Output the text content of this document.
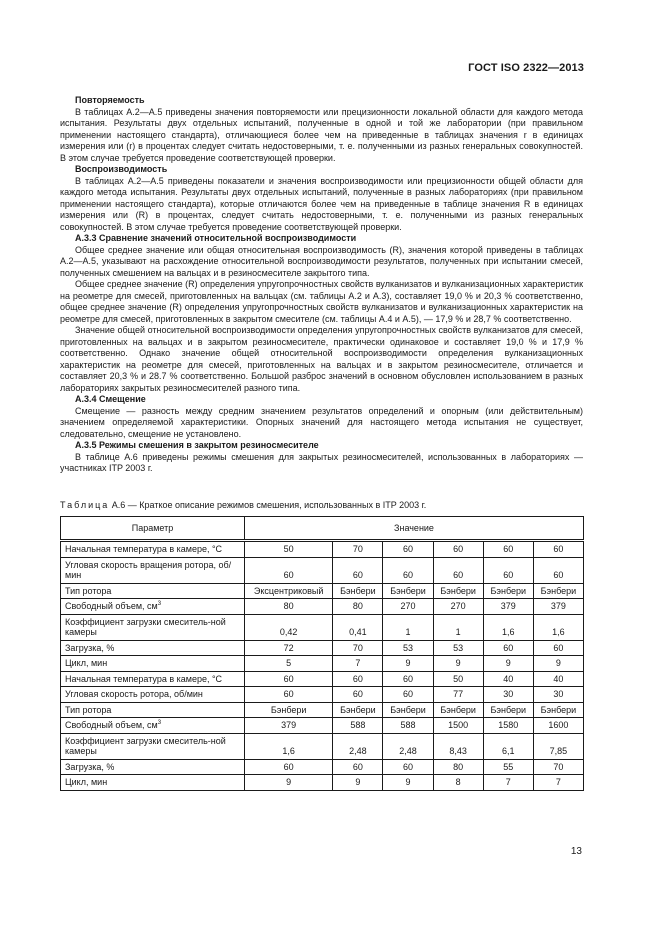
ГОСТ ISO 2322—2013
Повторяемость

В таблицах А.2—А.5 приведены значения повторяемости или прецизионности локальной области для каждого метода испытания. Результаты двух отдельных испытаний, полученные в одной и той же лаборатории (при правильном применении настоящего стандарта), отличающиеся более чем на приведенные в таблицах значения r в единицах измерения или (r) в процентах следует считать недостоверными, т. е. полученными из разных генеральных совокупностей. В этом случае требуется проведение соответствующей проверки.

Воспроизводимость

В таблицах А.2—А.5 приведены показатели и значения воспроизводимости или прецизионности общей области для каждого метода испытания. Результаты двух отдельных испытаний, полученные в разных лабораториях (при правильном применении настоящего стандарта), которые отличаются более чем на приведенные в таблице значения R в единицах измерения или (R) в процентах, следует считать недостоверными, т. е. полученными из разных генеральных совокупностей. В этом случае требуется проведение соответствующей проверки.

А.3.3 Сравнение значений относительной воспроизводимости

Общее среднее значение или общая относительная воспроизводимость (R), значения которой приведены в таблицах А.2—А.5, указывают на расхождение относительной воспроизводимости результатов, полученных при испытании смесей, полученных смешением на вальцах и в резиносмесителе закрытого типа.

Общее среднее значение (R) определения упругопрочностных свойств вулканизатов и вулканизационных характеристик на реометре для смесей, приготовленных на вальцах (см. таблицы А.2 и А.3), составляет 19,0 % и 20,3 % соответственно, общее среднее значение (R) определения упругопрочностных свойств вулканизатов и вулканизационных характеристик на реометре для смесей, приготовленных в закрытом смесителе (см. таблицы А.4 и А.5), — 17,9 % и 28,7 % соответственно.

Значение общей относительной воспроизводимости определения упругопрочностных свойств вулканизатов для смесей, приготовленных на вальцах и в закрытом резиносмесителе, практически одинаковое и составляет 19,0 % и 17,9 % соответственно. Однако значение общей относительной воспроизводимости определения вулканизационных характеристик на реометре для смесей, приготовленных на вальцах и в закрытом резиносмесителе, отличается и составляет 20,3 % и 28.7 % соответственно. Большой разброс значений в основном обусловлен использованием в разных лабораториях закрытых резиносмесителей разного типа.

А.3.4 Смещение

Смещение — разность между средним значением результатов определений и опорным (или действительным) значением определяемой характеристики. Опорных значений для настоящего метода испытания не существует, следовательно, смещение не установлено.

А.3.5 Режимы смешения в закрытом резиносмесителе

В таблице А.6 приведены режимы смешения для закрытых резиносмесителей, использованных в лабораториях — участниках ITP 2003 г.

Таблица А.6 — Краткое описание режимов смешения, использованных в ITP 2003 г.
Параметр	Значение					
Начальная температура в камере, °С	50	70	60	60	60	60
Угловая скорость вращения ротора, об/мин	60	60	60	60	60	60
Тип ротора	Эксцентриковый	Бэнбери	Бэнбери	Бэнбери	Бэнбери	Бэнбери
Свободный объем, $см^3$	80	80	270	270	379	379
Коэффициент загрузки смеситель-ной камеры	0,42	0,41	1	1	1,6	1,6
Загрузка, %	72	70	53	53	60	60
Цикл, мин	5	7	9	9	9	9
Начальная температура в камере, °С	60	60	60	50	40	40
Угловая скорость ротора, об/мин	60	60	60	77	30	30
Тип ротора	Бэнбери	Бэнбери	Бэнбери	Бэнбери	Бэнбери	Бэнбери
Свободный объем, $см^3$	379	588	588	1500	1580	1600
Коэффициент загрузки смеситель-ной камеры	1,6	2,48	2,48	8,43	6,1	7,85
Загрузка, %	60	60	60	80	55	70
Цикл, мин	9	9	9	8	7	7
13
